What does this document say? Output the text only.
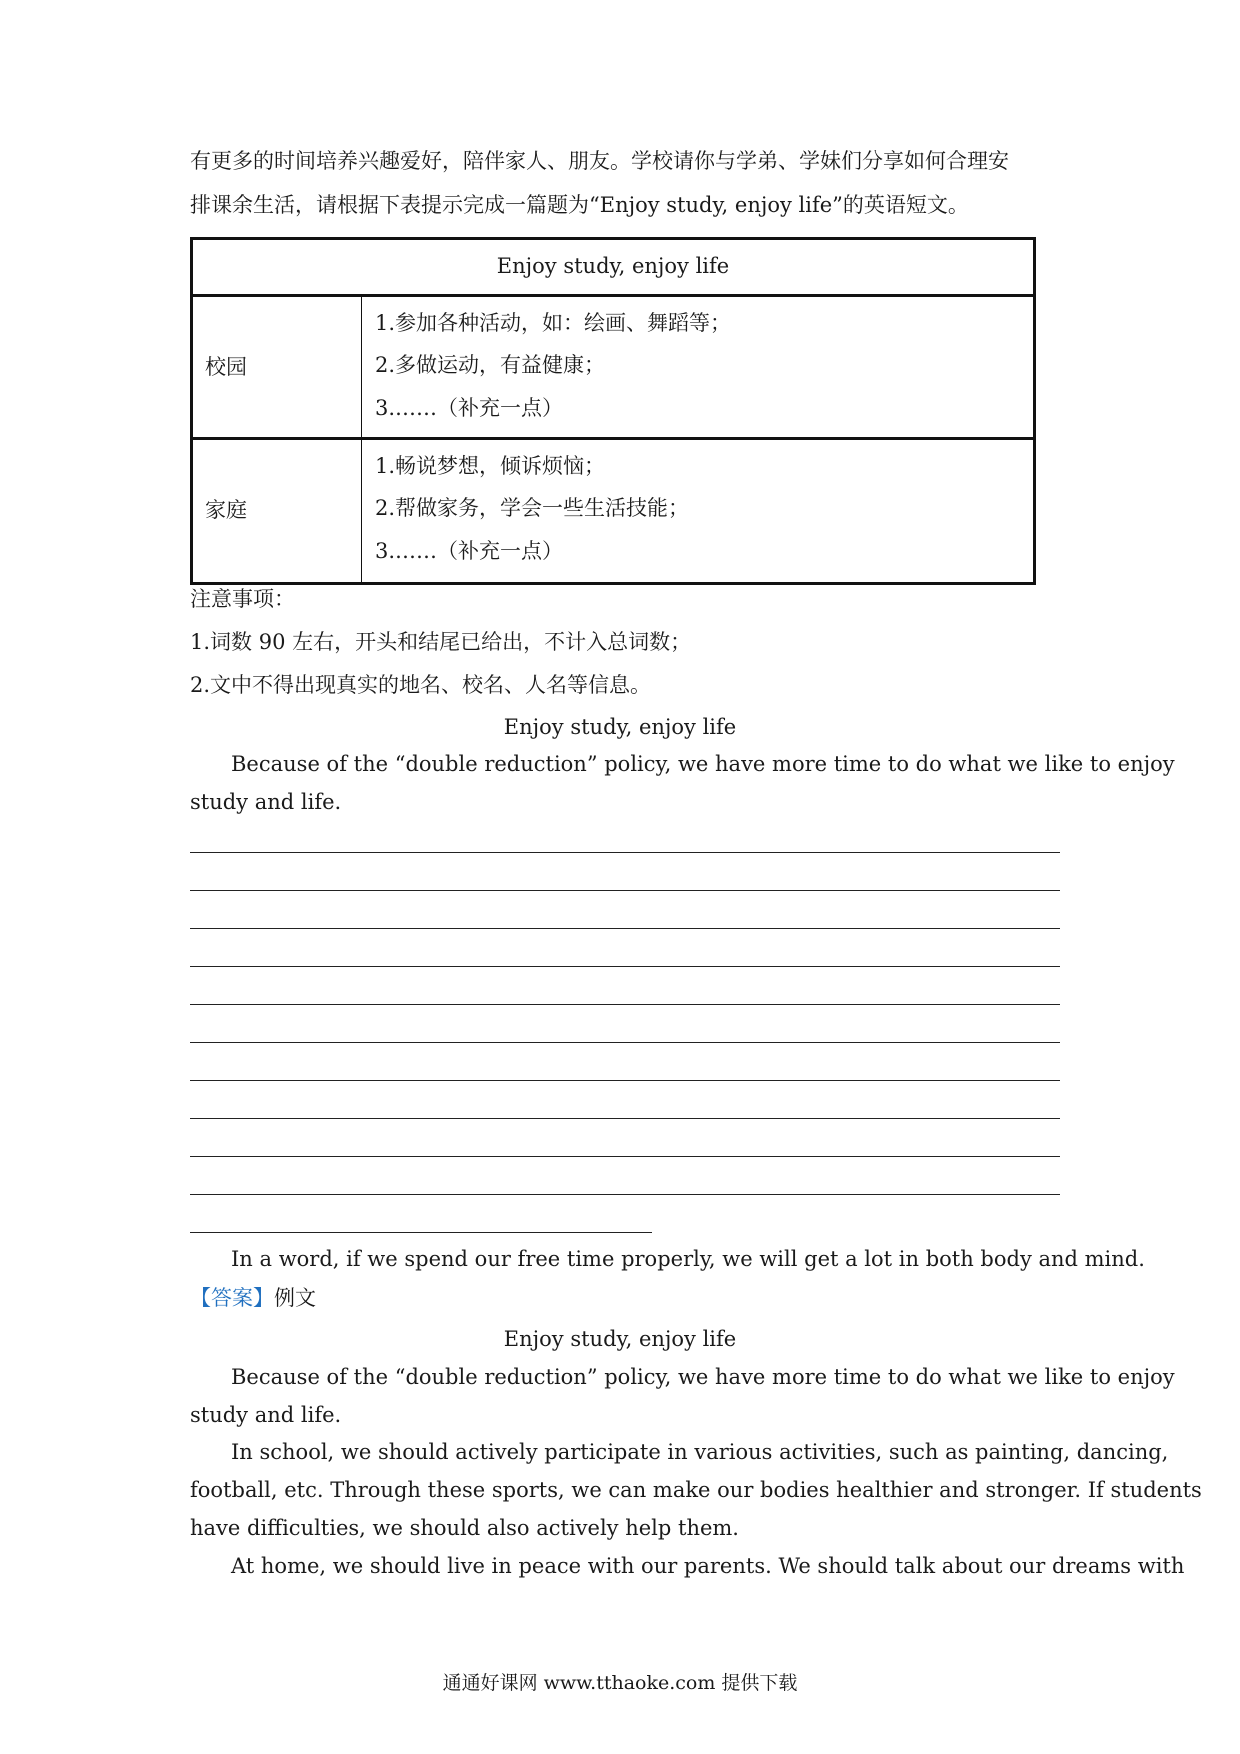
有更多的时间培养兴趣爱好，陪伴家人、朋友。学校请你与学弟、学妹们分享如何合理安
排课余生活，请根据下表提示完成一篇题为“Enjoy study, enjoy life”的英语短文。
Enjoy study, enjoy life
校园
1.参加各种活动，如：绘画、舞蹈等；
2.多做运动，有益健康；
3.……（补充一点）
家庭
1.畅说梦想，倾诉烦恼；
2.帮做家务，学会一些生活技能；
3.……（补充一点）
注意事项：
1.词数 90 左右，开头和结尾已给出，不计入总词数；
2.文中不得出现真实的地名、校名、人名等信息。
Enjoy study, enjoy life
Because of the “double reduction” policy, we have more time to do what we like to enjoy
study and life.
In a word, if we spend our free time properly, we will get a lot in both body and mind.
【答案】例文
Enjoy study, enjoy life
Because of the “double reduction” policy, we have more time to do what we like to enjoy
study and life.
In school, we should actively participate in various activities, such as painting, dancing,
football, etc. Through these sports, we can make our bodies healthier and stronger. If students
have difficulties, we should also actively help them.
At home, we should live in peace with our parents. We should talk about our dreams with
通通好课网 www.tthaoke.com 提供下载
